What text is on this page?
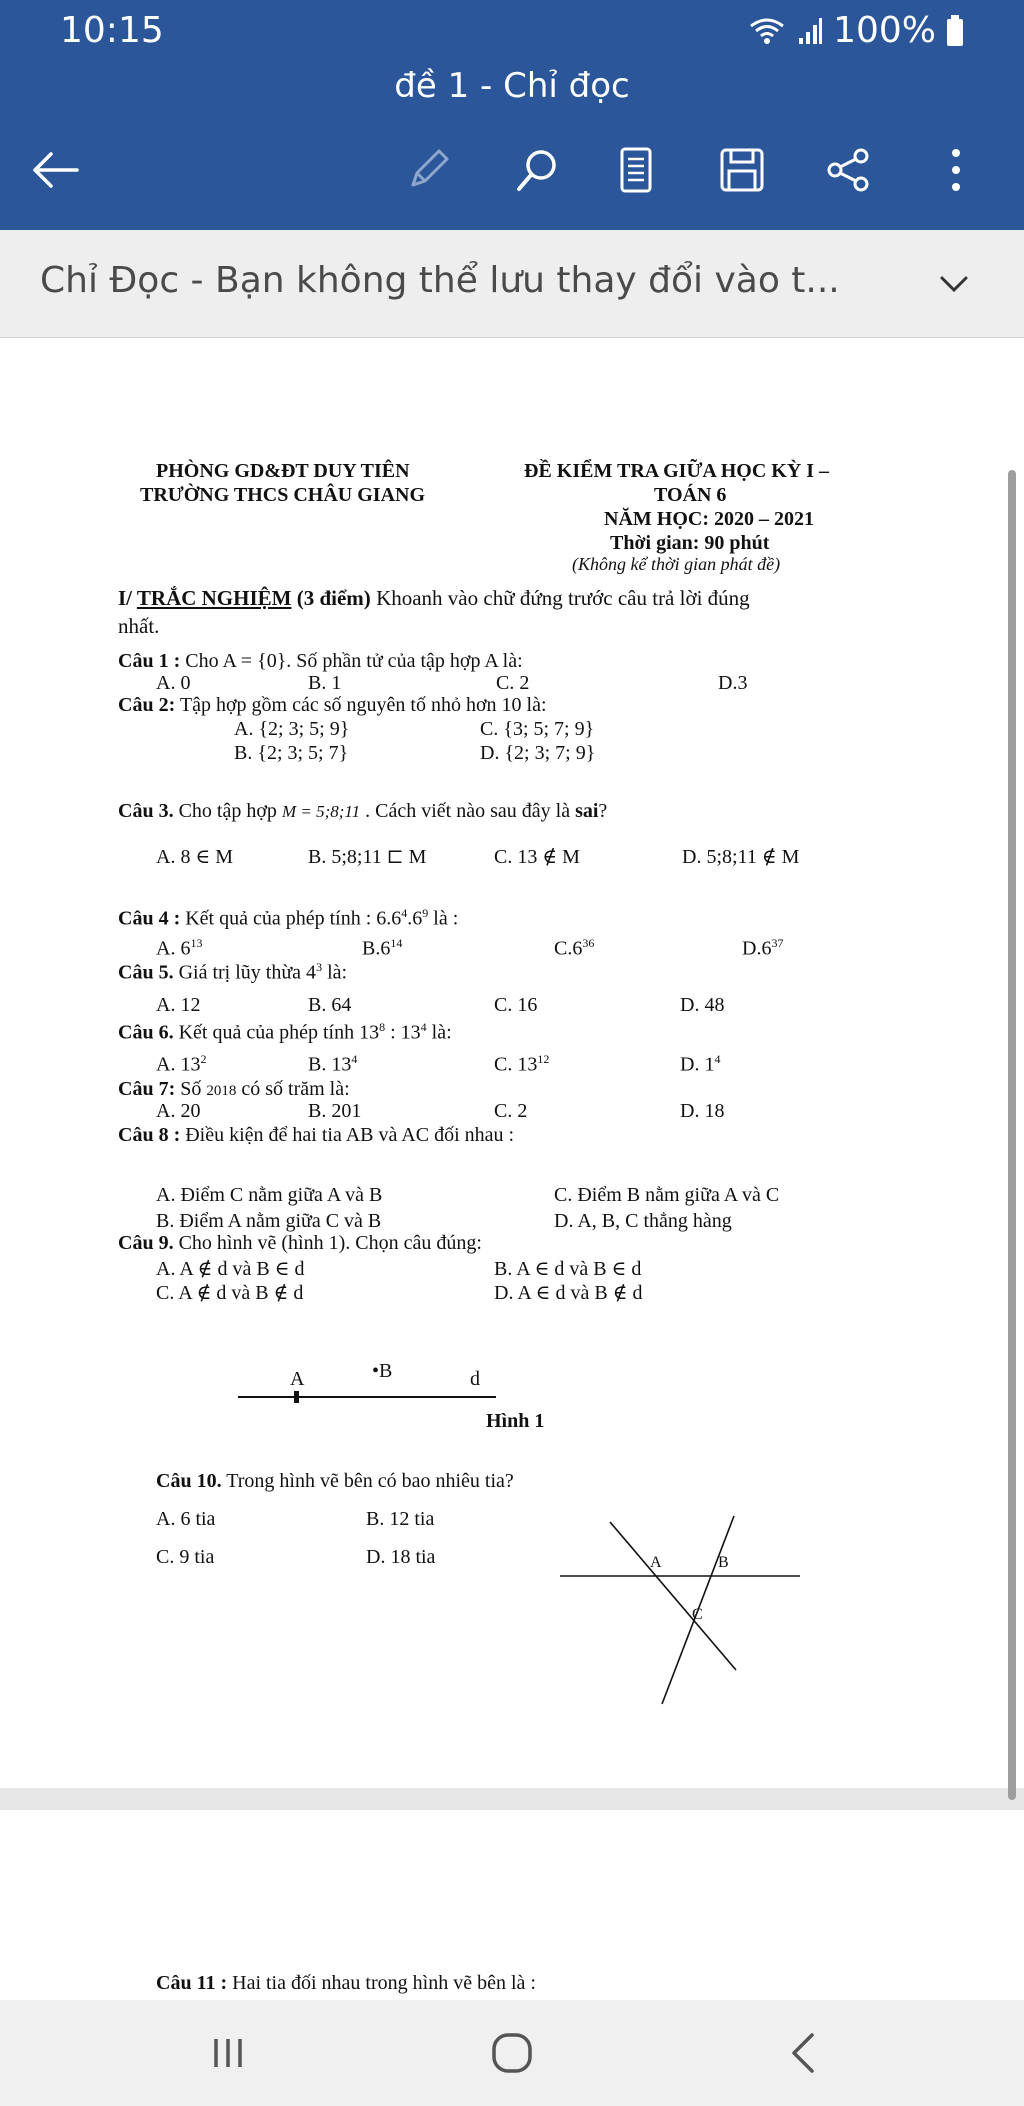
10:15	100%
đề 1 - Chỉ đọc
Chỉ Đọc - Bạn không thể lưu thay đổi vào t...
PHÒNG GD&ĐT DUY TIÊN
TRƯỜNG THCS CHÂU GIANG
ĐỀ KIỂM TRA GIỮA HỌC KỲ I –
TOÁN 6
NĂM HỌC: 2020 – 2021
Thời gian: 90 phút
(Không kể thời gian phát đề)
I/ TRẮC NGHIỆM (3 điểm) Khoanh vào chữ đứng trước câu trả lời đúng
nhất.
Câu 1 : Cho A = {0}. Số phần tử của tập hợp A là:
A. 0	B. 1	C. 2	D.3
Câu 2: Tập hợp gồm các số nguyên tố nhỏ hơn 10 là:
A. {2; 3; 5; 9}	C. {3; 5; 7; 9}
B. {2; 3; 5; 7}	D. {2; 3; 7; 9}
Câu 3. Cho tập hợp M = 5;8;11 . Cách viết nào sau đây là sai?
A. 8 ∈ M	B. 5;8;11 ⊏ M	C. 13 ∉ M	D. 5;8;11 ∉ M
Câu 4 : Kết quả của phép tính : $6.6^4.6^9$ là :
A. $6^{13}$	$B.6^{14}$	$C.6^{36}$	$D.6^{37}$
Câu 5. Giá trị lũy thừa $4^3$ là:
A. 12	B. 64	C. 16	D. 48
Câu 6. Kết quả của phép tính $13^8$ : $13^4$ là:
A. $13^2$	B. $13^4$	C. $13^{12}$	D. $1^4$
Câu 7: Số 2018 có số trăm là:
A. 20	B. 201	C. 2	D. 18
Câu 8 : Điều kiện để hai tia AB và AC đối nhau :
A. Điểm C nằm giữa A và B	C. Điểm B nằm giữa A và C
B. Điểm A nằm giữa C và B	D. A, B, C thẳng hàng
Câu 9. Cho hình vẽ (hình 1). Chọn câu đúng:
A. A ∉ d và B ∈ d	B. A ∈ d và B ∈ d
C. A ∉ d và B ∉ d	D. A ∈ d và B ∉ d
A	•B	d
Hình 1
Câu 10. Trong hình vẽ bên có bao nhiêu tia?
A. 6 tia	B. 12 tia
C. 9 tia	D. 18 tia	A	B
C
Câu 11 : Hai tia đối nhau trong hình vẽ bên là :
